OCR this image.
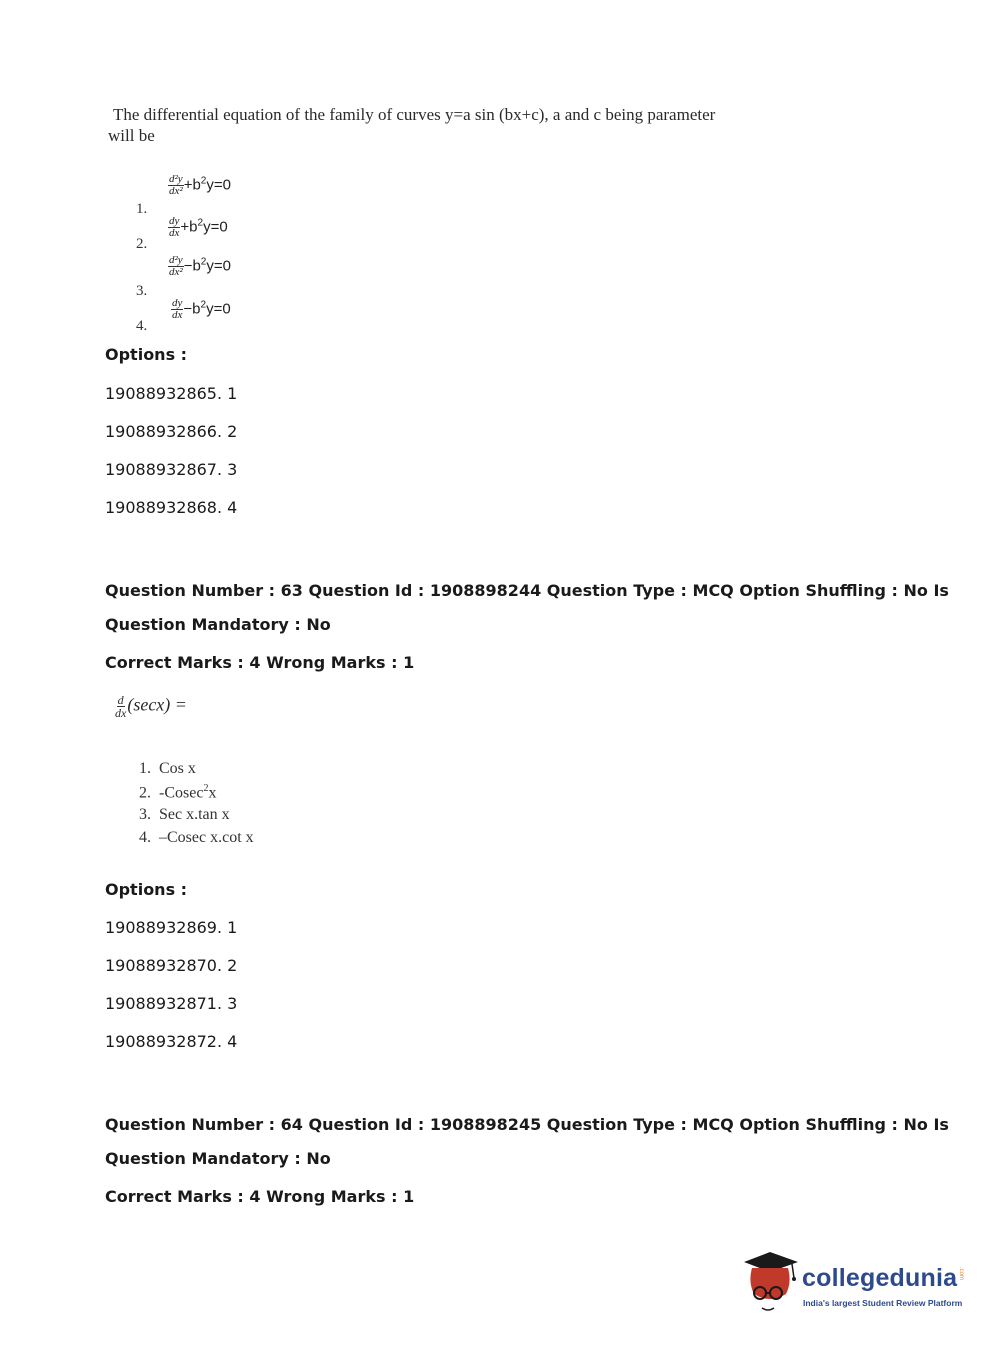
The differential equation of the family of curves y=a sin (bx+c), a and c being parameter
will be
1.
$\frac{\text{d²y}}{\text{dx²}} +b^2y=0$
2.
$\frac{dy}{dx} +b^2y=0$
3.
$\frac{\text{d²y}}{\text{dx²}} -b^2y=0$
4.
$\frac{dy}{dx} -b^2y=0$
Options :
19088932865. 1
19088932866. 2
19088932867. 3
19088932868. 4
Question Number : 63 Question Id : 1908898244 Question Type : MCQ Option Shuffling : No Is
Question Mandatory : No
Correct Marks : 4 Wrong Marks : 1
$\frac{d}{dx} (\sec x)$ =
1. Cos x
2. -Cosec$^2$x
3. Sec x.tan x
4. –Cosec x.cot x
Options :
19088932869. 1
19088932870. 2
19088932871. 3
19088932872. 4
Question Number : 64 Question Id : 1908898245 Question Type : MCQ Option Shuffling : No Is
Question Mandatory : No
Correct Marks : 4 Wrong Marks : 1
collegedunia .com
India's largest Student Review Platform
